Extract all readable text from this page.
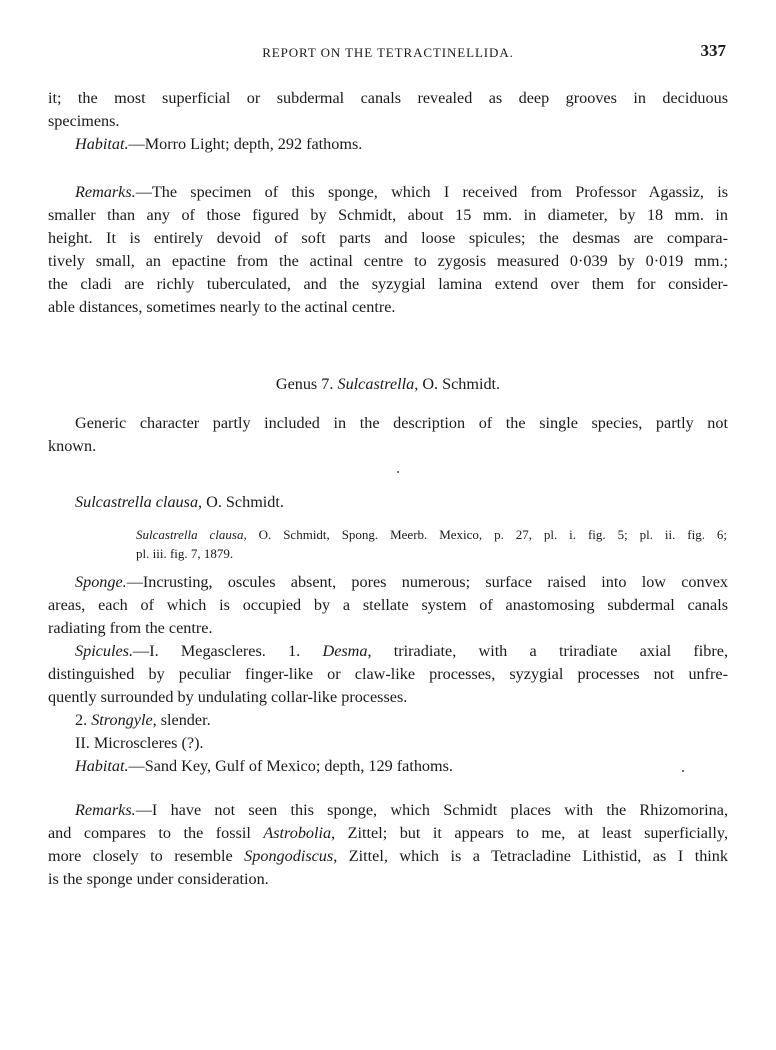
REPORT ON THE TETRACTINELLIDA.	337
it; the most superficial or subdermal canals revealed as deep grooves in deciduous
specimens.
Habitat.—Morro Light; depth, 292 fathoms.
Remarks.—The specimen of this sponge, which I received from Professor Agassiz, is
smaller than any of those figured by Schmidt, about 15 mm. in diameter, by 18 mm. in
height. It is entirely devoid of soft parts and loose spicules; the desmas are compara-
tively small, an epactine from the actinal centre to zygosis measured 0·039 by 0·019 mm.;
the cladi are richly tuberculated, and the syzygial lamina extend over them for consider-
able distances, sometimes nearly to the actinal centre.
Genus 7. Sulcastrella, O. Schmidt.
Generic character partly included in the description of the single species, partly not
known.
Sulcastrella clausa, O. Schmidt.
Sulcastrella clausa, O. Schmidt, Spong. Meerb. Mexico, p. 27, pl. i. fig. 5; pl. ii. fig. 6;
pl. iii. fig. 7, 1879.
Sponge.—Incrusting, oscules absent, pores numerous; surface raised into low convex
areas, each of which is occupied by a stellate system of anastomosing subdermal canals
radiating from the centre.
Spicules.—I. Megascleres. 1. Desma, triradiate, with a triradiate axial fibre,
distinguished by peculiar finger-like or claw-like processes, syzygial processes not unfre-
quently surrounded by undulating collar-like processes.
2. Strongyle, slender.
II. Microscleres (?).
Habitat.—Sand Key, Gulf of Mexico; depth, 129 fathoms.
Remarks.—I have not seen this sponge, which Schmidt places with the Rhizomorina,
and compares to the fossil Astrobolia, Zittel; but it appears to me, at least superficially,
more closely to resemble Spongodiscus, Zittel, which is a Tetracladine Lithistid, as I think
is the sponge under consideration.
